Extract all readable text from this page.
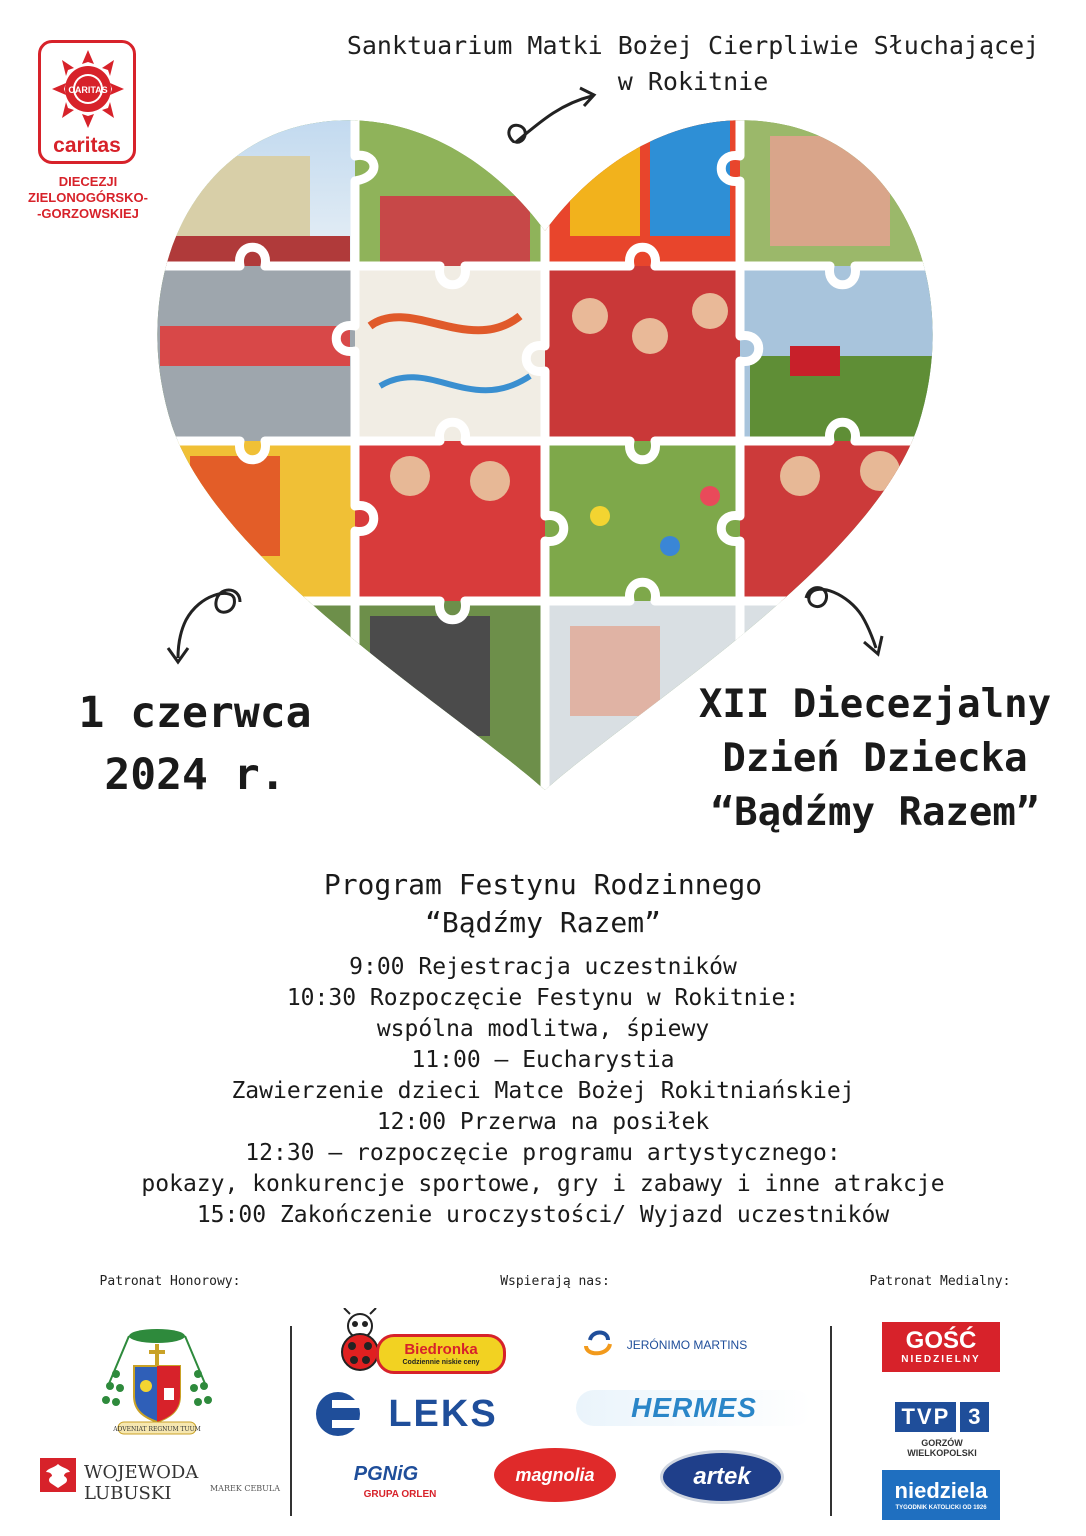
CARITAS
caritas
DIECEZJI
ZIELONOGÓRSKO-
-GORZOWSKIEJ
Sanktuarium Matki Bożej Cierpliwie Słuchającej
w Rokitnie
1 czerwca
2024 r.
XII Diecezjalny
Dzień Dziecka
“Bądźmy Razem”
Program Festynu Rodzinnego
“Bądźmy Razem”
9:00 Rejestracja uczestników
10:30 Rozpoczęcie Festynu w Rokitnie:
wspólna modlitwa, śpiewy
11:00 – Eucharystia
Zawierzenie dzieci Matce Bożej Rokitniańskiej
12:00 Przerwa na posiłek
12:30 – rozpoczęcie programu artystycznego:
pokazy, konkurencje sportowe, gry i zabawy i inne atrakcje
15:00 Zakończenie uroczystości/ Wyjazd uczestników
Patronat Honorowy:	Wspierają nas:	Patronat Medialny:
ADVENIAT REGNUM TUUM
WOJEWODA LUBUSKI	MAREK CEBULA
Biedronka
Codziennie niskie ceny
JERÓNIMO MARTINS
LEKS	HERMES
PGNiG
GRUPA ORLEN
magnolia	artek
GOŚĆ
NIEDZIELNY
TVP 3
GORZÓW
WIELKOPOLSKI
niedziela
TYGODNIK KATOLICKI OD 1926
